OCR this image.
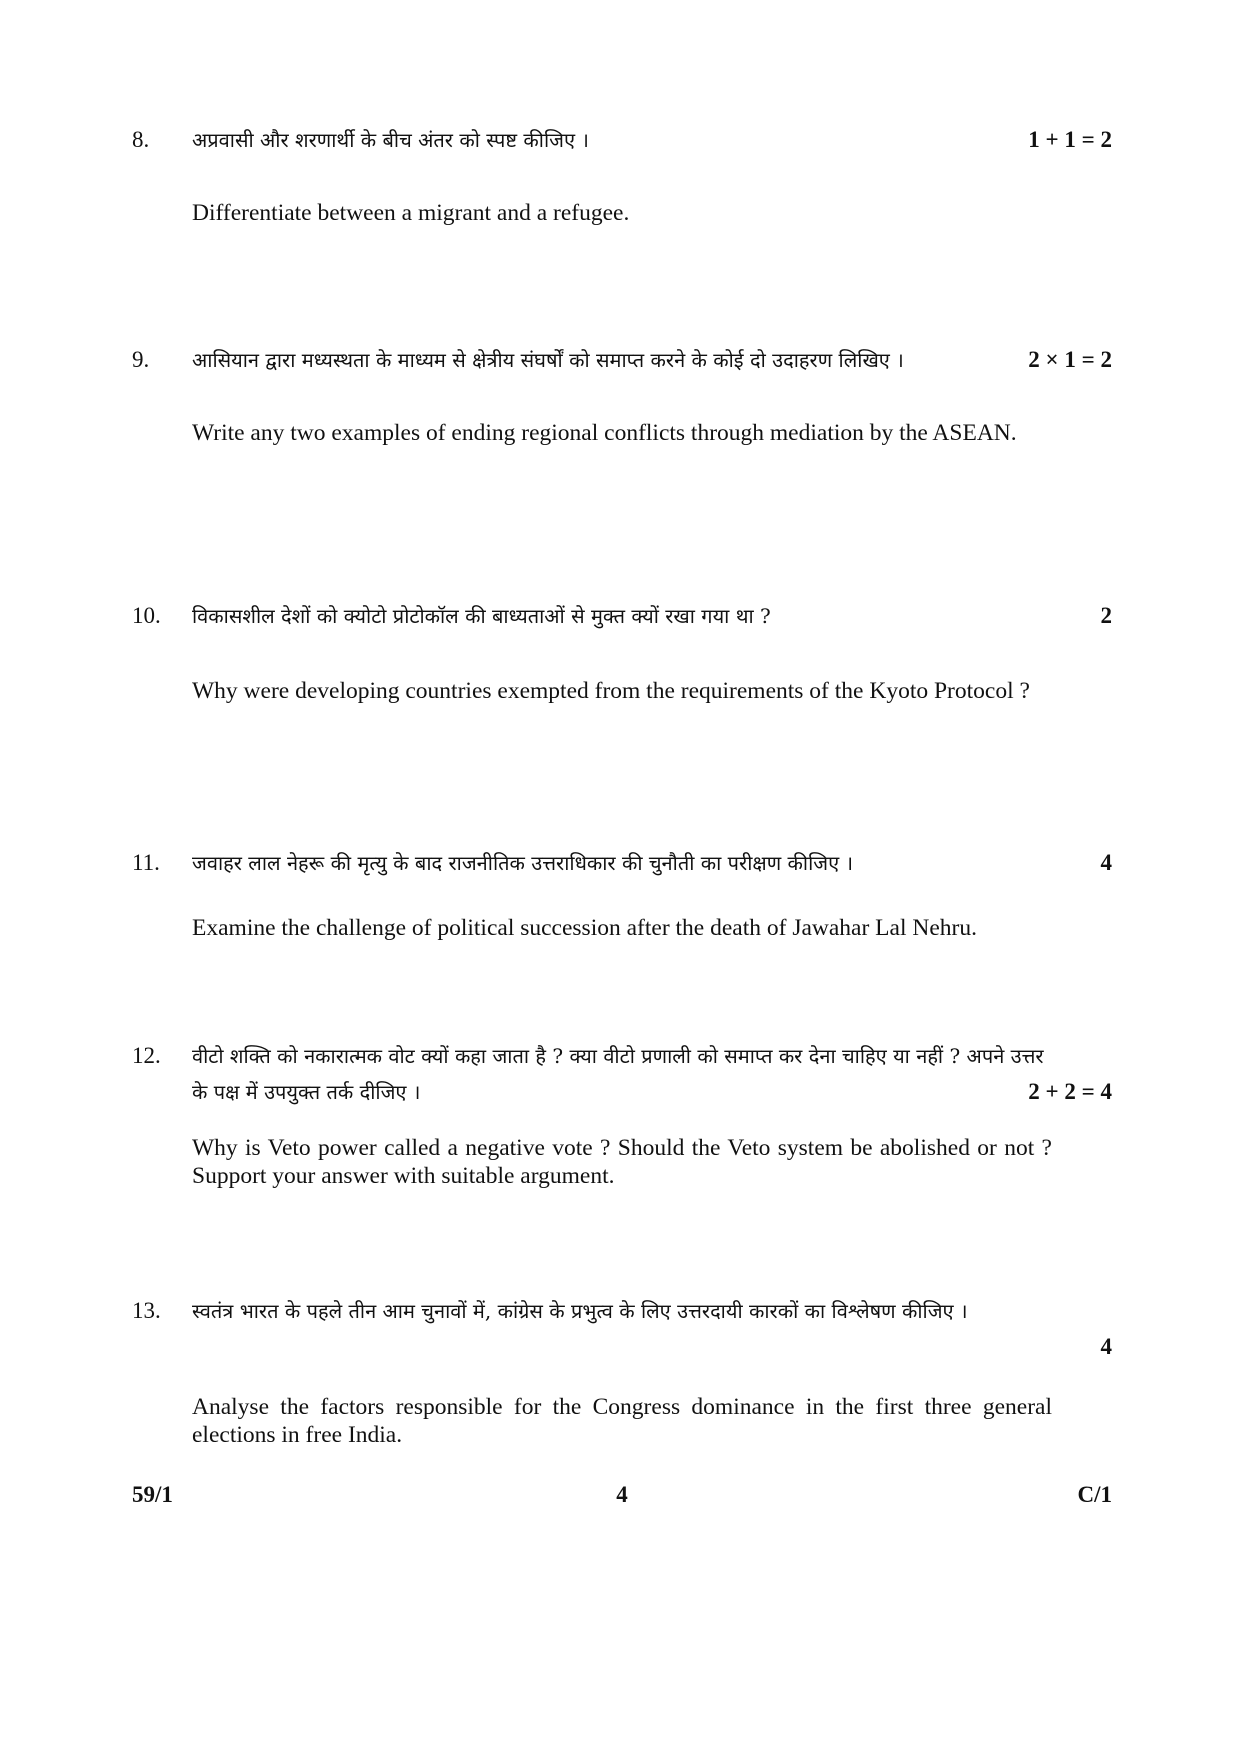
8. अप्रवासी और शरणार्थी के बीच अंतर को स्पष्ट कीजिए ।	1 + 1 = 2
Differentiate between a migrant and a refugee.
9. आसियान द्वारा मध्यस्थता के माध्यम से क्षेत्रीय संघर्षों को समाप्त करने के कोई दो उदाहरण लिखिए ।	2 × 1 = 2
Write any two examples of ending regional conflicts through mediation by the ASEAN.
10. विकासशील देशों को क्योटो प्रोटोकॉल की बाध्यताओं से मुक्त क्यों रखा गया था ?	2
Why were developing countries exempted from the requirements of the Kyoto Protocol ?
11. जवाहर लाल नेहरू की मृत्यु के बाद राजनीतिक उत्तराधिकार की चुनौती का परीक्षण कीजिए ।	4
Examine the challenge of political succession after the death of Jawahar Lal Nehru.
12. वीटो शक्ति को नकारात्मक वोट क्यों कहा जाता है ? क्या वीटो प्रणाली को समाप्त कर देना चाहिए या नहीं ? अपने उत्तर के पक्ष में उपयुक्त तर्क दीजिए ।	2 + 2 = 4
Why is Veto power called a negative vote ? Should the Veto system be abolished or not ? Support your answer with suitable argument.
13. स्वतंत्र भारत के पहले तीन आम चुनावों में, कांग्रेस के प्रभुत्व के लिए उत्तरदायी कारकों का विश्लेषण कीजिए ।
4
Analyse the factors responsible for the Congress dominance in the first three general elections in free India.
59/1	4	C/1
